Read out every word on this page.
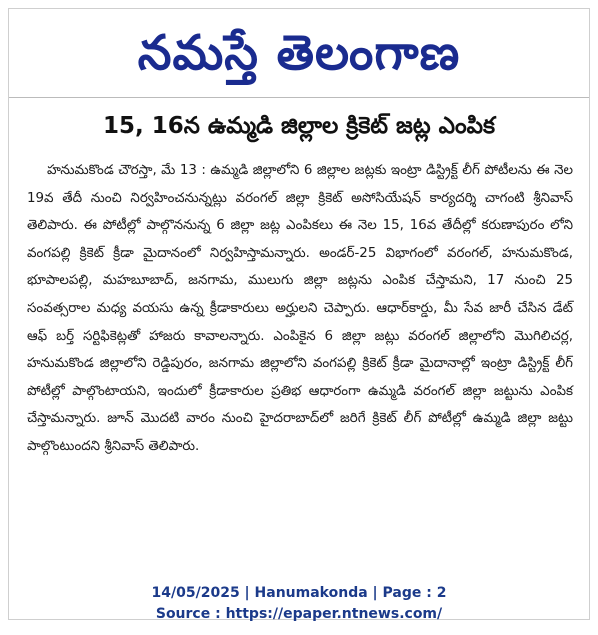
నమస్తే తెలంగాణ
15, 16న ఉమ్మడి జిల్లాల క్రికెట్ జట్ల ఎంపిక

హనుమకొండ చౌరస్తా, మే 13 : ఉమ్మడి జిల్లాలోని 6 జిల్లాల జట్లకు ఇంట్రా డిస్ట్రిక్ట్ లీగ్ పోటీలను ఈ నెల 19వ తేదీ నుంచి నిర్వహించనున్నట్లు వరంగల్ జిల్లా క్రికెట్ అసోసియేషన్ కార్యదర్శి చాగంటి శ్రీనివాస్ తెలిపారు. ఈ పోటీల్లో పాల్గొననున్న 6 జిల్లా జట్ల ఎంపికలు ఈ నెల 15, 16వ తేదీల్లో కరుణాపురం లోని వంగపల్లి క్రికెట్ క్రీడా మైదానంలో నిర్వహిస్తామన్నారు. అండర్-25 విభాగంలో వరంగల్, హనుమకొండ, భూపాలపల్లి, మహబూబాద్, జనగామ, ములుగు జిల్లా జట్లను ఎంపిక చేస్తామని, 17 నుంచి 25 సంవత్సరాల మధ్య వయసు ఉన్న క్రీడాకారులు అర్హులని చెప్పారు. ఆధార్‌కార్డు, మీ సేవ జారీ చేసిన డేట్ ఆఫ్ బర్త్ సర్టిఫికెట్లతో హాజరు కావాలన్నారు. ఎంపికైన 6 జిల్లా జట్లు వరంగల్ జిల్లాలోని మొగిలిచర్ల, హనుమకొండ జిల్లాలోని రెడ్డిపురం, జనగామ జిల్లాలోని వంగపల్లి క్రికెట్ క్రీడా మైదానాల్లో ఇంట్రా డిస్ట్రిక్ట్ లీగ్ పోటీల్లో పాల్గొంటాయని, ఇందులో క్రీడాకారుల ప్రతిభ ఆధారంగా ఉమ్మడి వరంగల్ జిల్లా జట్టును ఎంపిక చేస్తామన్నారు. జూన్ మొదటి వారం నుంచి హైదరాబాద్‌లో జరిగే క్రికెట్ లీగ్ పోటీల్లో ఉమ్మడి జిల్లా జట్టు పాల్గొంటుందని శ్రీనివాస్ తెలిపారు.

14/05/2025 | Hanumakonda | Page : 2
Source : https://epaper.ntnews.com/
